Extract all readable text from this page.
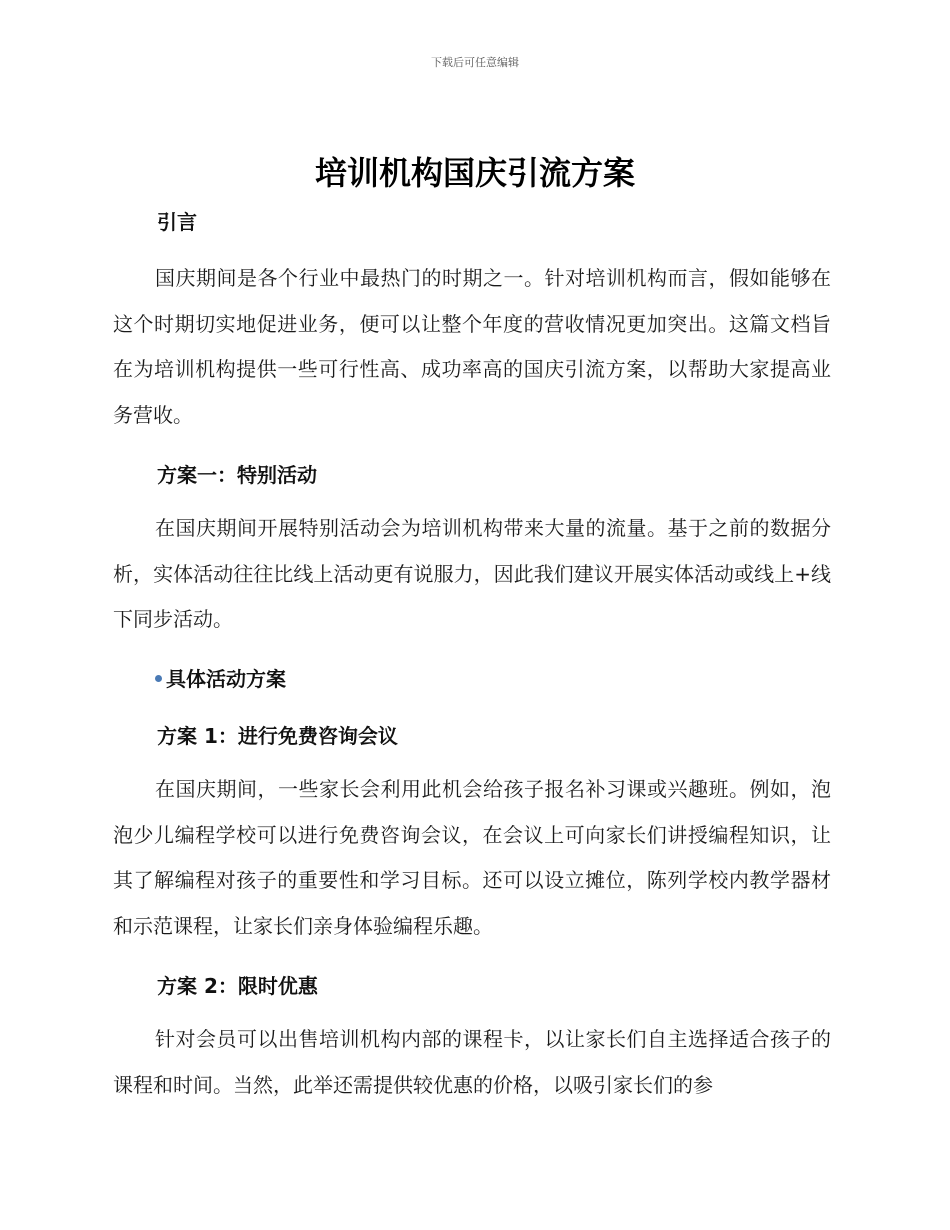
下载后可任意编辑
培训机构国庆引流方案
引言
国庆期间是各个行业中最热门的时期之一。针对培训机构而言，假如能够在这个时期切实地促进业务，便可以让整个年度的营收情况更加突出。这篇文档旨在为培训机构提供一些可行性高、成功率高的国庆引流方案，以帮助大家提高业务营收。
方案一：特别活动
在国庆期间开展特别活动会为培训机构带来大量的流量。基于之前的数据分析，实体活动往往比线上活动更有说服力，因此我们建议开展实体活动或线上+线下同步活动。
具体活动方案
方案 1：进行免费咨询会议
在国庆期间，一些家长会利用此机会给孩子报名补习课或兴趣班。例如，泡泡少儿编程学校可以进行免费咨询会议，在会议上可向家长们讲授编程知识，让其了解编程对孩子的重要性和学习目标。还可以设立摊位，陈列学校内教学器材和示范课程，让家长们亲身体验编程乐趣。
方案 2：限时优惠
针对会员可以出售培训机构内部的课程卡，以让家长们自主选择适合孩子的课程和时间。当然，此举还需提供较优惠的价格，以吸引家长们的参
